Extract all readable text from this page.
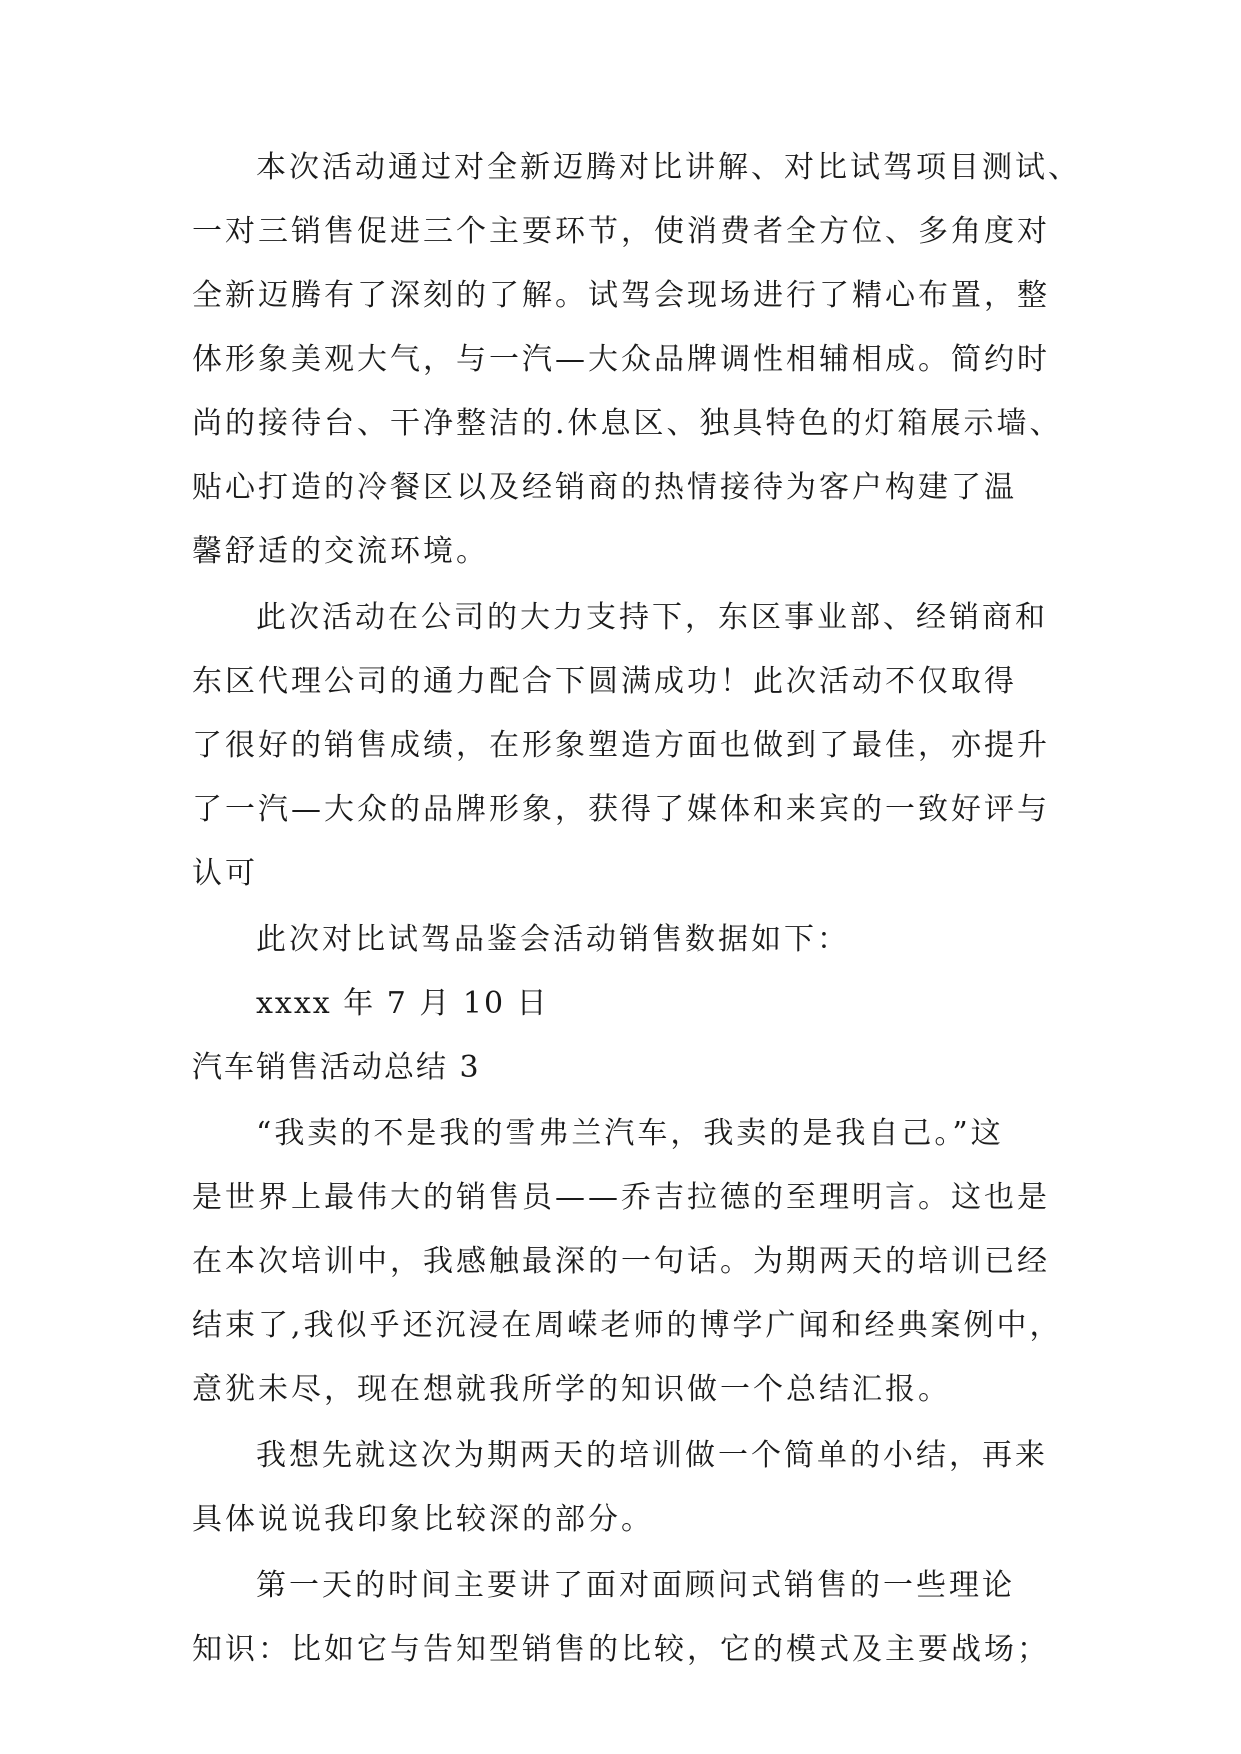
本次活动通过对全新迈腾对比讲解、对比试驾项目测试、
一对三销售促进三个主要环节，使消费者全方位、多角度对
全新迈腾有了深刻的了解。试驾会现场进行了精心布置，整
体形象美观大气，与一汽—大众品牌调性相辅相成。简约时
尚的接待台、干净整洁的.休息区、独具特色的灯箱展示墙、
贴心打造的冷餐区以及经销商的热情接待为客户构建了温
馨舒适的交流环境。
此次活动在公司的大力支持下，东区事业部、经销商和
东区代理公司的通力配合下圆满成功！此次活动不仅取得
了很好的销售成绩，在形象塑造方面也做到了最佳，亦提升
了一汽—大众的品牌形象，获得了媒体和来宾的一致好评与
认可
此次对比试驾品鉴会活动销售数据如下：
xxxx 年 7 月 10 日
汽车销售活动总结 3
“我卖的不是我的雪弗兰汽车，我卖的是我自己。”这
是世界上最伟大的销售员——乔吉拉德的至理明言。这也是
在本次培训中，我感触最深的一句话。为期两天的培训已经
结束了,我似乎还沉浸在周嵘老师的博学广闻和经典案例中，
意犹未尽，现在想就我所学的知识做一个总结汇报。
我想先就这次为期两天的培训做一个简单的小结，再来
具体说说我印象比较深的部分。
第一天的时间主要讲了面对面顾问式销售的一些理论
知识：比如它与告知型销售的比较，它的模式及主要战场；
